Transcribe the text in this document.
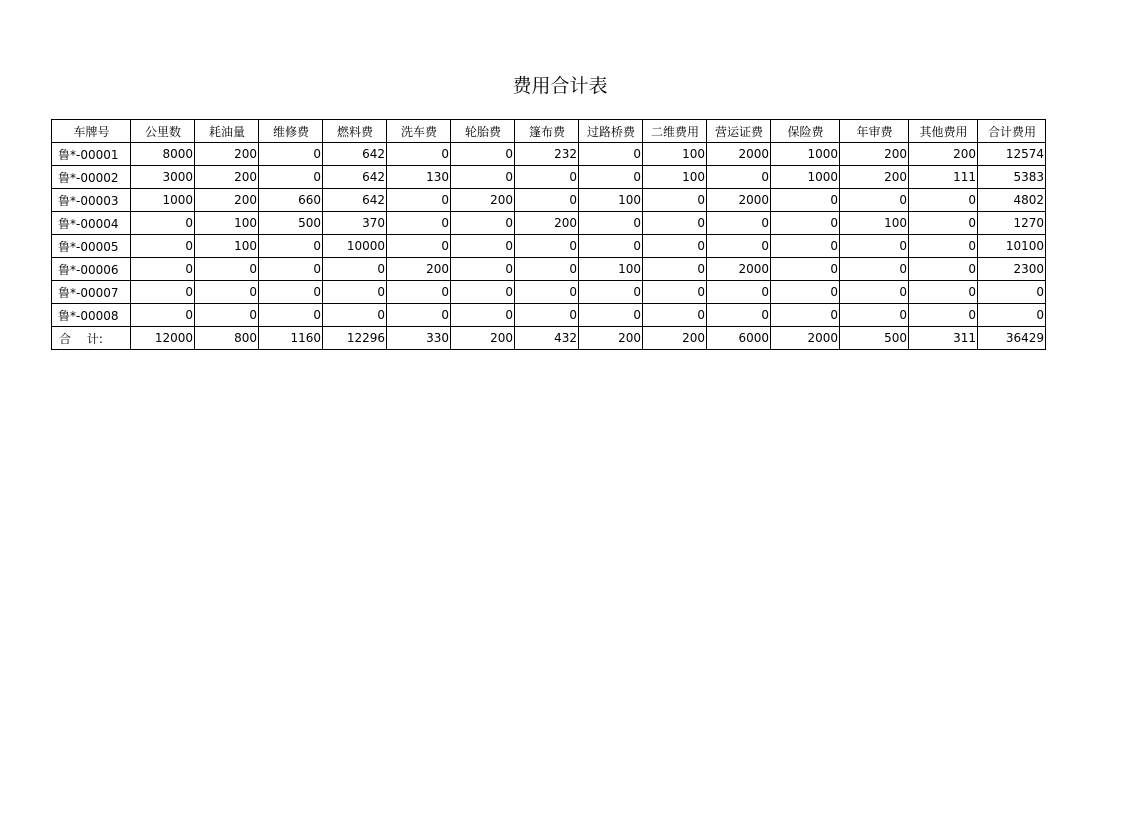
费用合计表
车牌号	公里数	耗油量	维修费	燃料费	洗车费	轮胎费	篷布费	过路桥费	二维费用	营运证费	保险费	年审费	其他费用	合计费用
鲁*-00001	8000	200	0	642	0	0	232	0	100	2000	1000	200	200	12574
鲁*-00002	3000	200	0	642	130	0	0	0	100	0	1000	200	111	5383
鲁*-00003	1000	200	660	642	0	200	0	100	0	2000	0	0	0	4802
鲁*-00004	0	100	500	370	0	0	200	0	0	0	0	100	0	1270
鲁*-00005	0	100	0	10000	0	0	0	0	0	0	0	0	0	10100
鲁*-00006	0	0	0	0	200	0	0	100	0	2000	0	0	0	2300
鲁*-00007	0	0	0	0	0	0	0	0	0	0	0	0	0	0
鲁*-00008	0	0	0	0	0	0	0	0	0	0	0	0	0	0
合 计:	12000	800	1160	12296	330	200	432	200	200	6000	2000	500	311	36429
